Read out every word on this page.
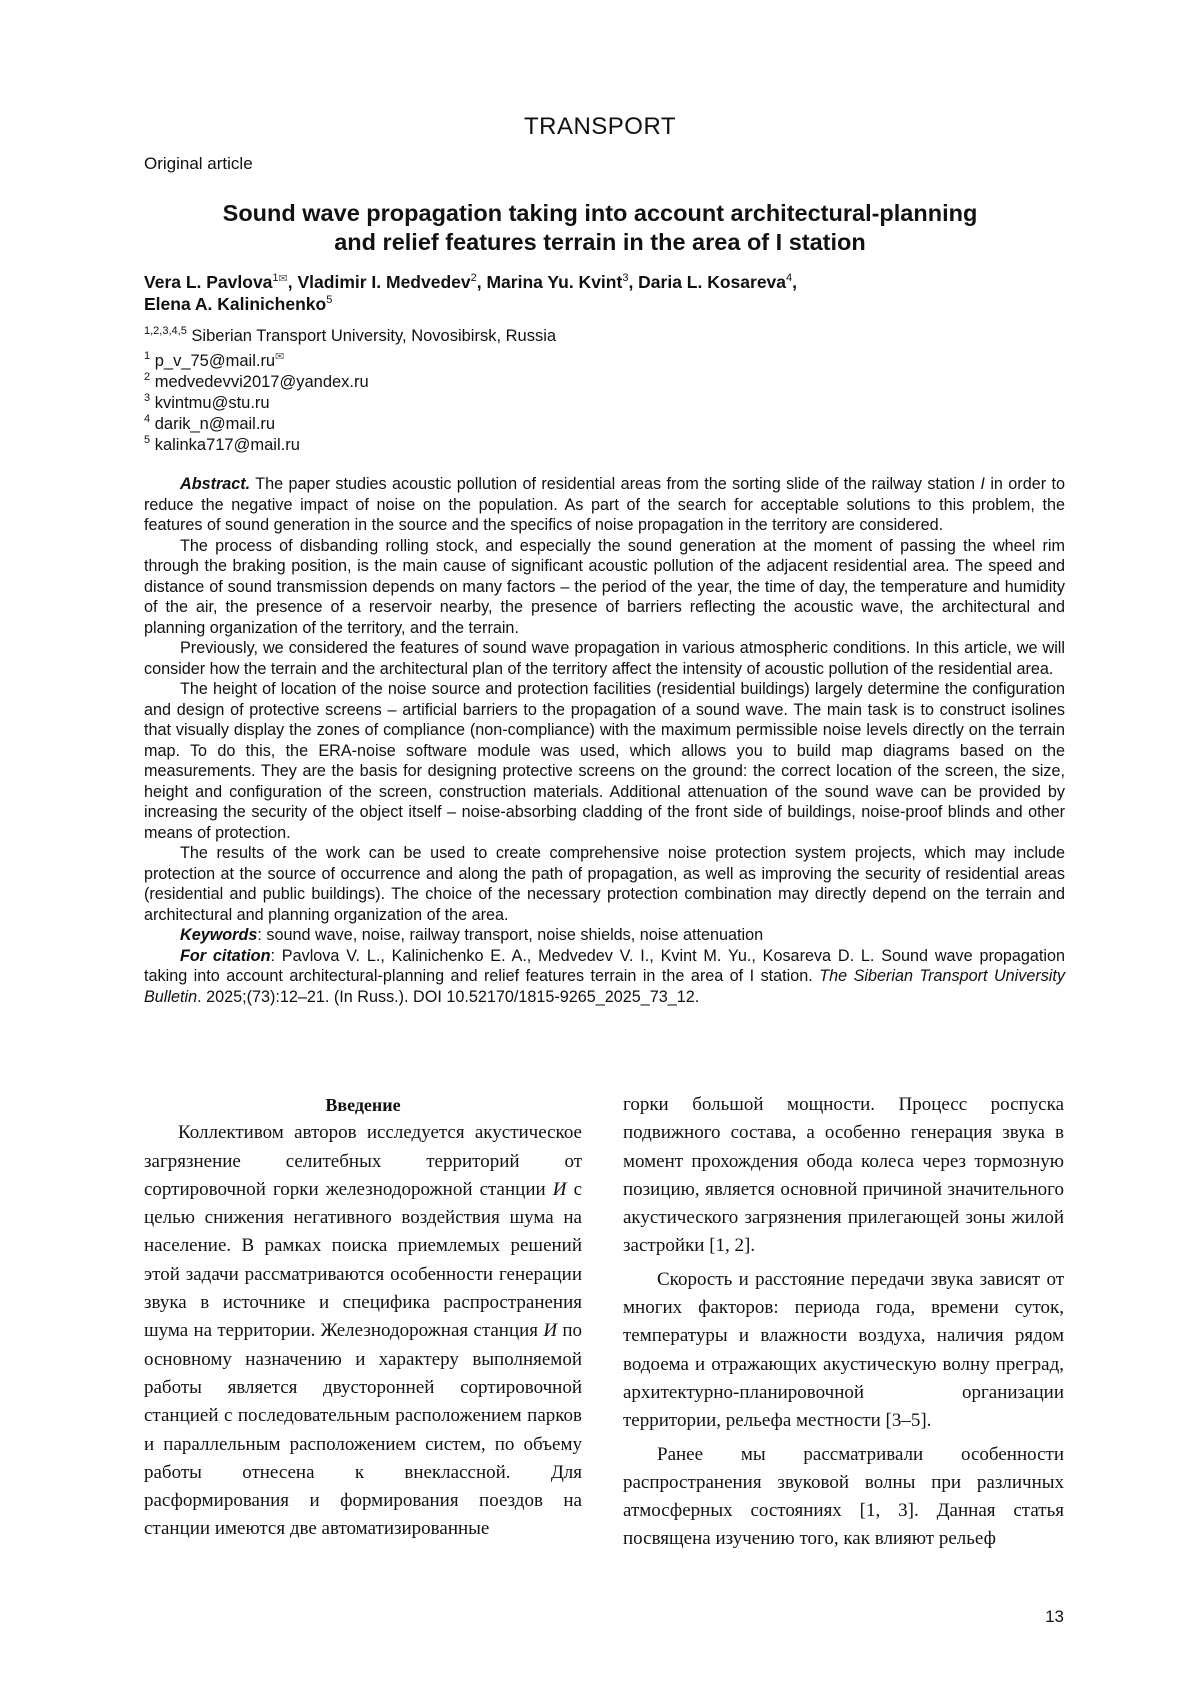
TRANSPORT
Original article
Sound wave propagation taking into account architectural-planning
and relief features terrain in the area of I station
Vera L. Pavlova1✉, Vladimir I. Medvedev2, Marina Yu. Kvint3, Daria L. Kosareva4,
Elena A. Kalinichenko5
1,2,3,4,5 Siberian Transport University, Novosibirsk, Russia
1 p_v_75@mail.ru✉
2 medvedevvi2017@yandex.ru
3 kvintmu@stu.ru
4 darik_n@mail.ru
5 kalinka717@mail.ru

Abstract. The paper studies acoustic pollution of residential areas from the sorting slide of the railway station I in order to reduce the negative impact of noise on the population. As part of the search for acceptable solutions to this problem, the features of sound generation in the source and the specifics of noise propagation in the territory are considered.

The process of disbanding rolling stock, and especially the sound generation at the moment of passing the wheel rim through the braking position, is the main cause of significant acoustic pollution of the adjacent residential area. The speed and distance of sound transmission depends on many factors – the period of the year, the time of day, the temperature and humidity of the air, the presence of a reservoir nearby, the presence of barriers reflecting the acoustic wave, the architectural and planning organization of the territory, and the terrain.

Previously, we considered the features of sound wave propagation in various atmospheric conditions. In this article, we will consider how the terrain and the architectural plan of the territory affect the intensity of acoustic pollution of the residential area.

The height of location of the noise source and protection facilities (residential buildings) largely determine the configuration and design of protective screens – artificial barriers to the propagation of a sound wave. The main task is to construct isolines that visually display the zones of compliance (non-compliance) with the maximum permissible noise levels directly on the terrain map. To do this, the ERA-noise software module was used, which allows you to build map diagrams based on the measurements. They are the basis for designing protective screens on the ground: the correct location of the screen, the size, height and configuration of the screen, construction materials. Additional attenuation of the sound wave can be provided by increasing the security of the object itself – noise-absorbing cladding of the front side of buildings, noise-proof blinds and other means of protection.

The results of the work can be used to create comprehensive noise protection system projects, which may include protection at the source of occurrence and along the path of propagation, as well as improving the security of residential areas (residential and public buildings). The choice of the necessary protection combination may directly depend on the terrain and architectural and planning organization of the area.

Keywords: sound wave, noise, railway transport, noise shields, noise attenuation

For citation: Pavlova V. L., Kalinichenko E. A., Medvedev V. I., Kvint M. Yu., Kosareva D. L. Sound wave propagation taking into account architectural-planning and relief features terrain in the area of I station. The Siberian Transport University Bulletin. 2025;(73):12–21. (In Russ.). DOI 10.52170/1815-9265_2025_73_12.

Введение

Коллективом авторов исследуется акустическое загрязнение селитебных территорий от сортировочной горки железнодорожной станции И с целью снижения негативного воздействия шума на население. В рамках поиска приемлемых решений этой задачи рассматриваются особенности генерации звука в источнике и специфика распространения шума на территории. Железнодорожная станция И по основному назначению и характеру выполняемой работы является двусторонней сортировочной станцией с последовательным расположением парков и параллельным расположением систем, по объему работы отнесена к внеклассной. Для расформирования и формирования поездов на станции имеются две автоматизированные

горки большой мощности. Процесс роспуска подвижного состава, а особенно генерация звука в момент прохождения обода колеса через тормозную позицию, является основной причиной значительного акустического загрязнения прилегающей зоны жилой застройки [1, 2].

Скорость и расстояние передачи звука зависят от многих факторов: периода года, времени суток, температуры и влажности воздуха, наличия рядом водоема и отражающих акустическую волну преград, архитектурно-планировочной организации территории, рельефа местности [3–5].

Ранее мы рассматривали особенности распространения звуковой волны при различных атмосферных состояниях [1, 3]. Данная статья посвящена изучению того, как влияют рельеф

13
